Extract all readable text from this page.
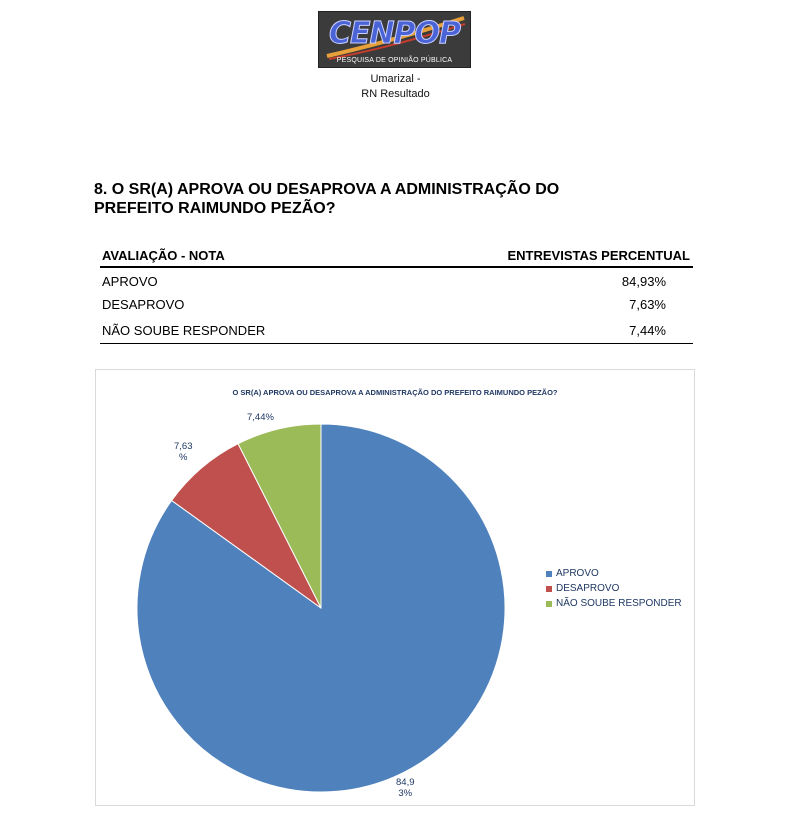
CENPOP
PESQUISA DE OPINIÃO PÚBLICA
Umarizal -
RN Resultado
8. O SR(A) APROVA OU DESAPROVA A ADMINISTRAÇÃO DO
PREFEITO RAIMUNDO PEZÃO?
AVALIAÇÃO - NOTA	ENTREVISTAS PERCENTUAL
APROVO	84,93%
DESAPROVO	7,63%
NÃO SOUBE RESPONDER	7,44%
O SR(A) APROVA OU DESAPROVA A ADMINISTRAÇÃO DO PREFEITO RAIMUNDO PEZÃO?
84,9
3%
7,63
%
7,44%
APROVO
DESAPROVO
NÃO SOUBE RESPONDER
